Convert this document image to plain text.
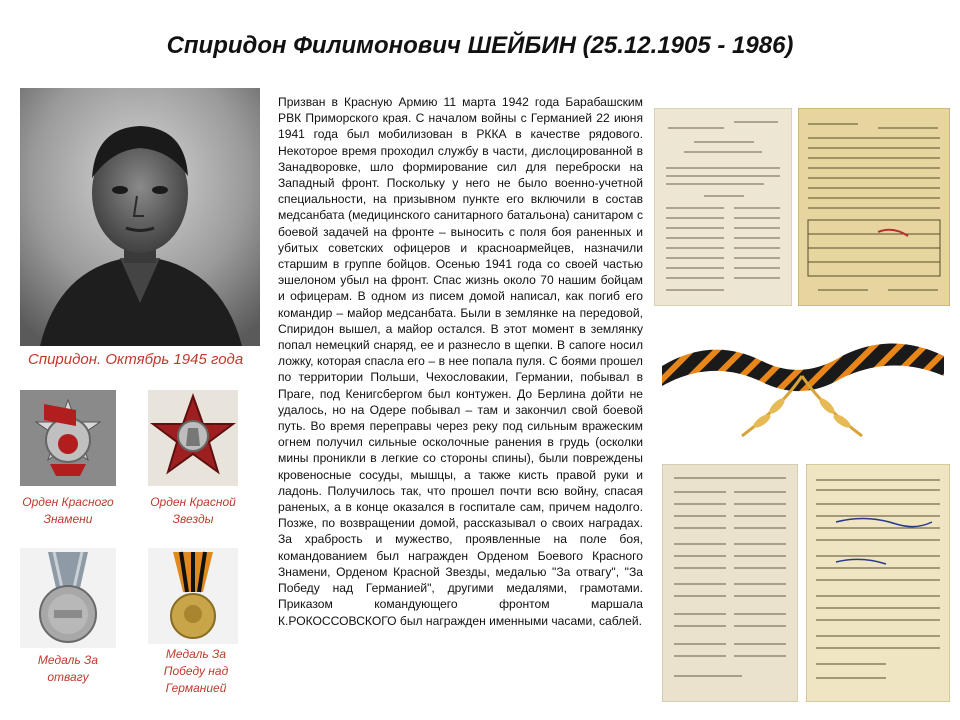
Спиридон Филимонович ШЕЙБИН (25.12.1905 - 1986)
Спиридон. Октябрь 1945 года
Орден Красного Знамени
Орден Красной Звезды
Медаль За отвагу
Медаль За Победу над Германией

Призван в Красную Армию 11 марта 1942 года Барабашским РВК Приморского края. С началом войны с Германией 22 июня 1941 года был мобилизован в РККА в качестве рядового. Некоторое время проходил службу в части, дислоцированной в Занадворовке, шло формирование сил для переброски на Западный фронт. Поскольку у него не было военно-учетной специальности, на призывном пункте его включили в состав медсанбата (медицинского санитарного батальона) санитаром с боевой задачей на фронте – выносить с поля боя раненных и убитых советских офицеров и красноармейцев, назначили старшим в группе бойцов. Осенью 1941 года со своей частью эшелоном убыл на фронт. Спас жизнь около 70 нашим бойцам и офицерам. В одном из писем домой написал, как погиб его командир – майор медсанбата. Были в землянке на передовой, Спиридон вышел, а майор остался. В этот момент в землянку попал немецкий снаряд, ее и разнесло в щепки. В сапоге носил ложку, которая спасла его – в нее попала пуля. С боями прошел по территории Польши, Чехословакии, Германии, побывал в Праге, под Кенигсбергом был контужен. До Берлина дойти не удалось, но на Одере побывал – там и закончил свой боевой путь. Во время переправы через реку под сильным вражеским огнем получил сильные осколочные ранения в грудь (осколки мины проникли в легкие со стороны спины), были повреждены кровеносные сосуды, мышцы, а также кисть правой руки и ладонь. Получилось так, что прошел почти всю войну, спасая раненых, а в конце оказался в госпитале сам, причем надолго. Позже, по возвращении домой, рассказывал о своих наградах. За храбрость и мужество, проявленные на поле боя, командованием был награжден Орденом Боевого Красного Знамени, Орденом Красной Звезды, медалью "За отвагу", "За Победу над Германией", другими медалями, грамотами. Приказом командующего фронтом маршала К.РОКОССОВСКОГО был награжден именными часами, саблей.
